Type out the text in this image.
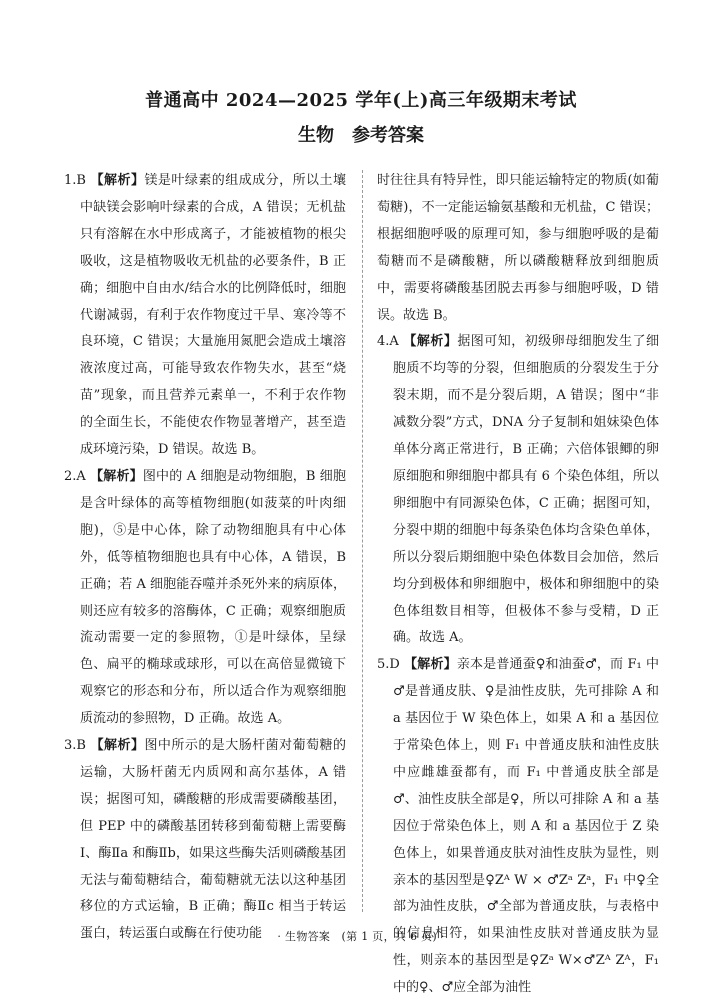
普通高中 2024—2025 学年(上)高三年级期末考试
生物　参考答案

1.B 【解析】镁是叶绿素的组成成分，所以土壤中缺镁会影响叶绿素的合成，A 错误；无机盐只有溶解在水中形成离子，才能被植物的根尖吸收，这是植物吸收无机盐的必要条件，B 正确；细胞中自由水/结合水的比例降低时，细胞代谢减弱，有利于农作物度过干旱、寒冷等不良环境，C 错误；大量施用氮肥会造成土壤溶液浓度过高，可能导致农作物失水，甚至“烧苗”现象，而且营养元素单一，不利于农作物的全面生长，不能使农作物显著增产，甚至造成环境污染，D 错误。故选 B。

2.A 【解析】图中的 A 细胞是动物细胞，B 细胞是含叶绿体的高等植物细胞(如菠菜的叶肉细胞)，⑤是中心体，除了动物细胞具有中心体外，低等植物细胞也具有中心体，A 错误，B 正确；若 A 细胞能吞噬并杀死外来的病原体，则还应有较多的溶酶体，C 正确；观察细胞质流动需要一定的参照物，①是叶绿体，呈绿色、扁平的椭球或球形，可以在高倍显微镜下观察它的形态和分布，所以适合作为观察细胞质流动的参照物，D 正确。故选 A。

3.B 【解析】图中所示的是大肠杆菌对葡萄糖的运输，大肠杆菌无内质网和高尔基体，A 错误；据图可知，磷酸糖的形成需要磷酸基团，但 PEP 中的磷酸基团转移到葡萄糖上需要酶Ⅰ、酶Ⅱa 和酶Ⅱb，如果这些酶失活则磷酸基团无法与葡萄糖结合，葡萄糖就无法以这种基团移位的方式运输，B 正确；酶Ⅱc 相当于转运蛋白，转运蛋白或酶在行使功能

时往往具有特异性，即只能运输特定的物质(如葡萄糖)，不一定能运输氨基酸和无机盐，C 错误；根据细胞呼吸的原理可知，参与细胞呼吸的是葡萄糖而不是磷酸糖，所以磷酸糖释放到细胞质中，需要将磷酸基团脱去再参与细胞呼吸，D 错误。故选 B。

4.A 【解析】据图可知，初级卵母细胞发生了细胞质不均等的分裂，但细胞质的分裂发生于分裂末期，而不是分裂后期，A 错误；图中“非减数分裂”方式，DNA 分子复制和姐妹染色体单体分离正常进行，B 正确；六倍体银鲫的卵原细胞和卵细胞中都具有 6 个染色体组，所以卵细胞中有同源染色体，C 正确；据图可知，分裂中期的细胞中每条染色体均含染色单体，所以分裂后期细胞中染色体数目会加倍，然后均分到极体和卵细胞中，极体和卵细胞中的染色体组数目相等，但极体不参与受精，D 正确。故选 A。

5.D 【解析】亲本是普通蚕♀和油蚕♂，而 F₁ 中♂是普通皮肤、♀是油性皮肤，先可排除 A 和 a 基因位于 W 染色体上，如果 A 和 a 基因位于常染色体上，则 F₁ 中普通皮肤和油性皮肤中应雌雄蚕都有，而 F₁ 中普通皮肤全部是♂、油性皮肤全部是♀，所以可排除 A 和 a 基因位于常染色体上，则 A 和 a 基因位于 Z 染色体上，如果普通皮肤对油性皮肤为显性，则亲本的基因型是♀Zᴬ W × ♂Zᵃ Zᵃ，F₁ 中♀全部为油性皮肤，♂全部为普通皮肤，与表格中的信息相符，如果油性皮肤对普通皮肤为显性，则亲本的基因型是♀Zᵃ W×♂Zᴬ Zᴬ，F₁ 中的♀、♂应全部为油性

· 生物答案　(第 1 页，共 6 页) ·
